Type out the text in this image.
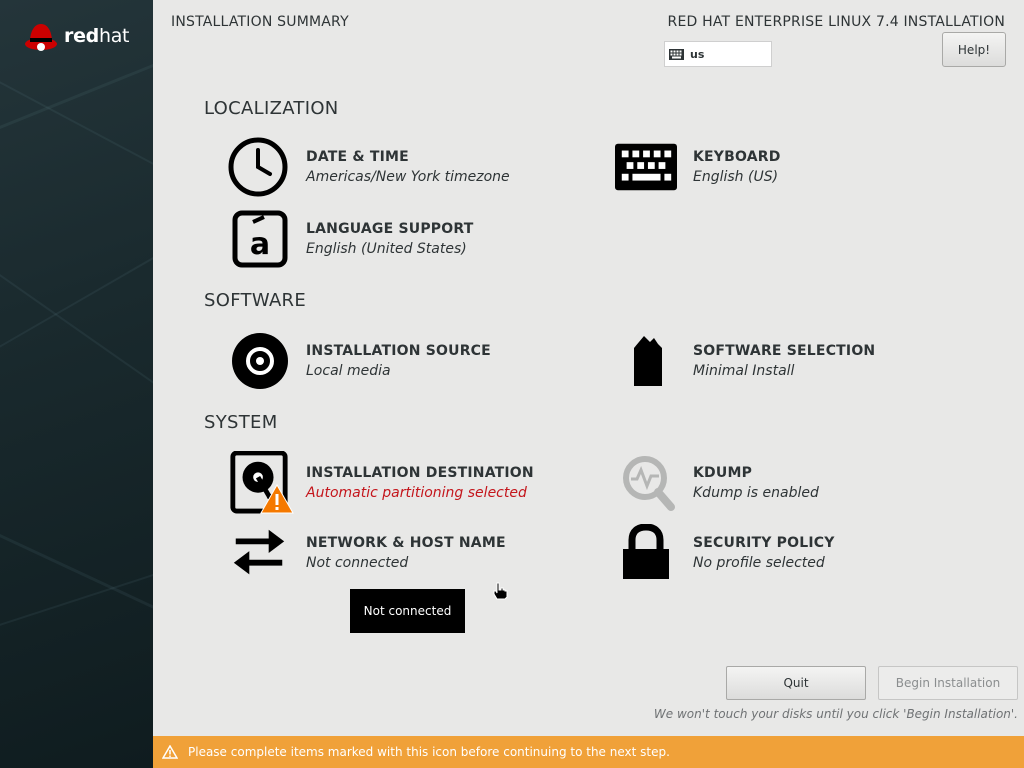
redhat
INSTALLATION SUMMARY	RED HAT ENTERPRISE LINUX 7.4 INSTALLATION
us	Help!
LOCALIZATION
DATE & TIME
Americas/New York timezone
KEYBOARD
English (US)
a	LANGUAGE SUPPORT
English (United States)
SOFTWARE
INSTALLATION SOURCE
Local media
SOFTWARE SELECTION
Minimal Install
SYSTEM
INSTALLATION DESTINATION
Automatic partitioning selected
KDUMP
Kdump is enabled
NETWORK & HOST NAME
Not connected
SECURITY POLICY
No profile selected
Not connected
Quit	Begin Installation
We won't touch your disks until you click 'Begin Installation'.
Please complete items marked with this icon before continuing to the next step.
